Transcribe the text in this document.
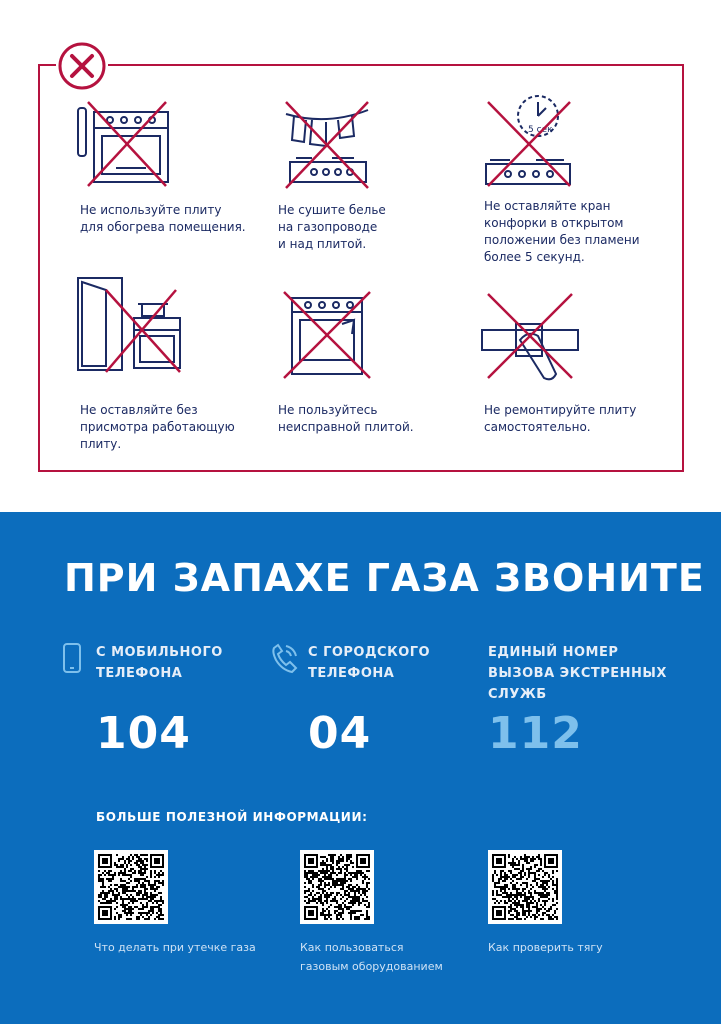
Не используйте плиту
для обогрева помещения.
Не сушите белье
на газопроводе
и над плитой.
5 сек
Не оставляйте кран
конфорки в открытом
положении без пламени
более 5 секунд.
Не оставляйте без
присмотра работающую
плиту.
Не пользуйтесь
неисправной плитой.
Не ремонтируйте плиту
самостоятельно.
ПРИ ЗАПАХЕ ГАЗА ЗВОНИТЕ
С МОБИЛЬНОГО
ТЕЛЕФОНА
104
С ГОРОДСКОГО
ТЕЛЕФОНА
04
ЕДИНЫЙ НОМЕР
ВЫЗОВА ЭКСТРЕННЫХ
СЛУЖБ
112
БОЛЬШЕ ПОЛЕЗНОЙ ИНФОРМАЦИИ:
Что делать при утечке газа	Как пользоваться
газовым оборудованием
Как проверить тягу
